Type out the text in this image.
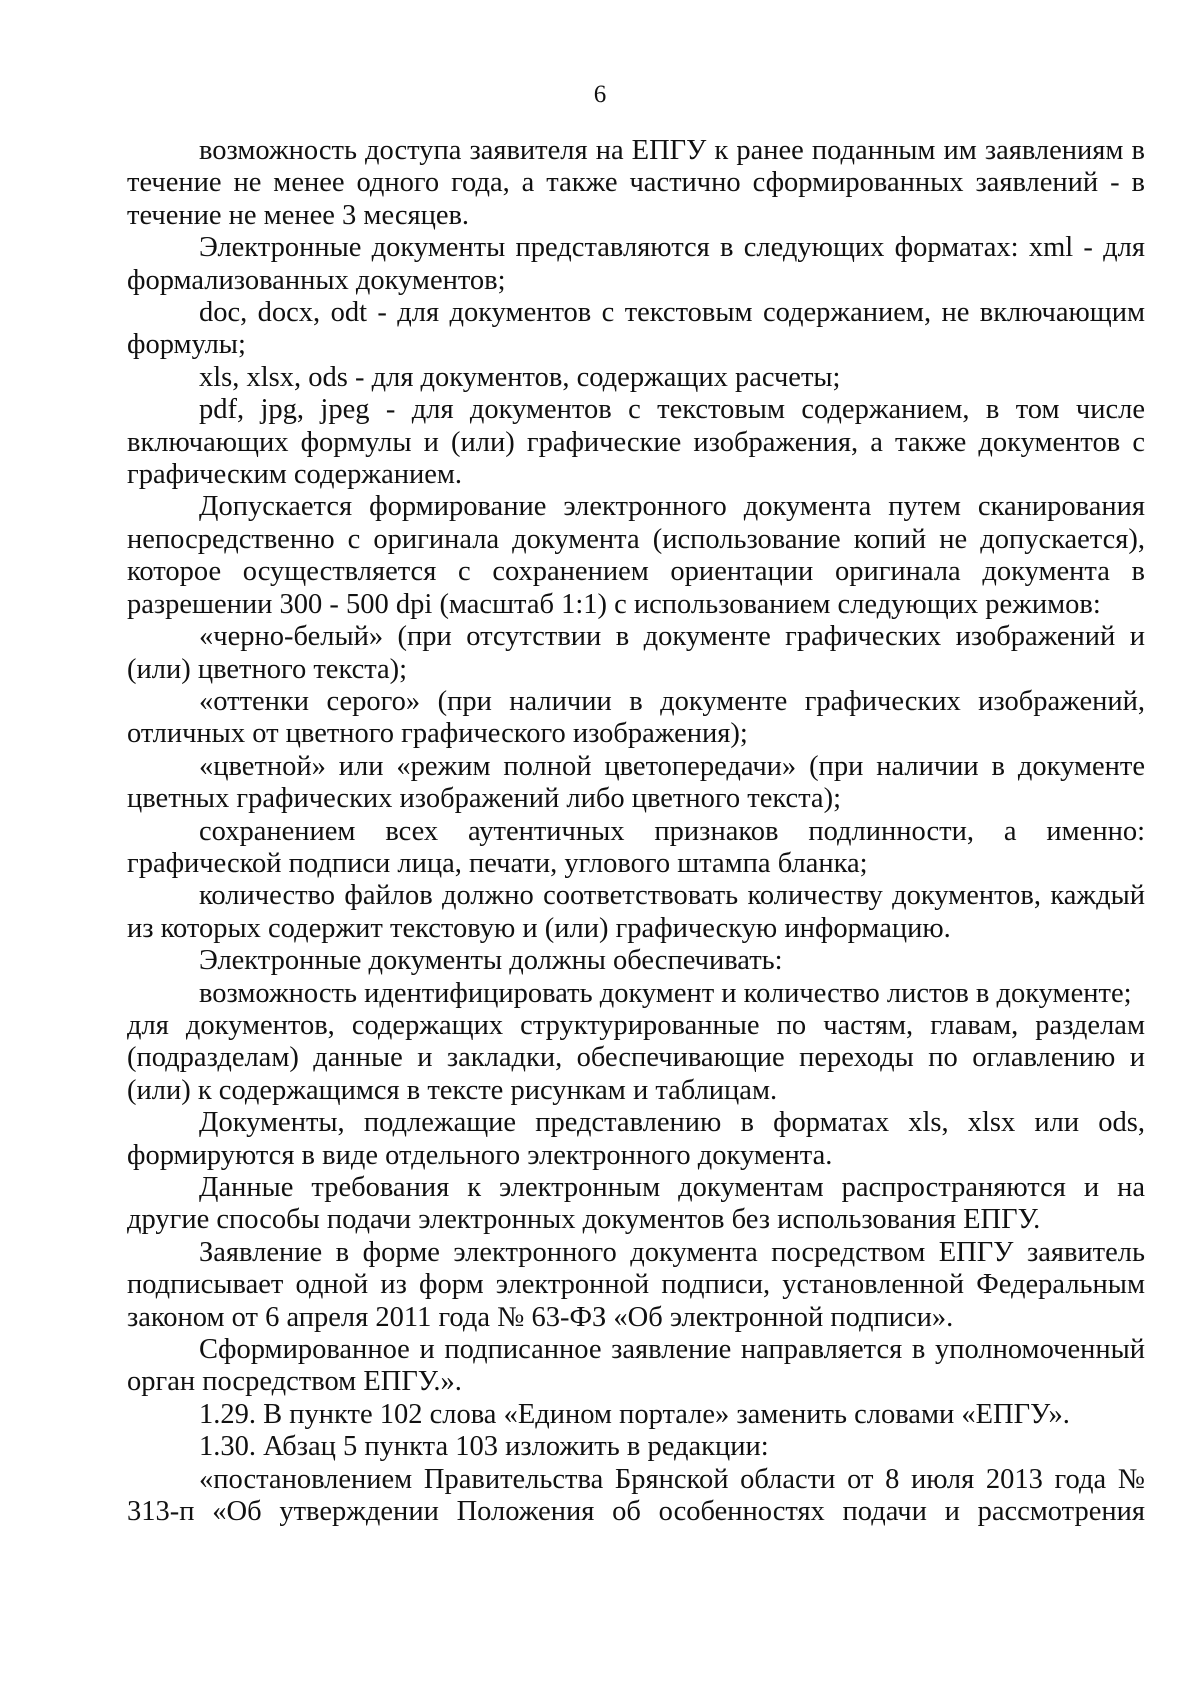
6

возможность доступа заявителя на ЕПГУ к ранее поданным им заявлениям в течение не менее одного года, а также частично сформированных заявлений - в течение не менее 3 месяцев.

Электронные документы представляются в следующих форматах: xml - для формализованных документов;

doc, docx, odt - для документов с текстовым содержанием, не включающим формулы;

xls, xlsx, ods - для документов, содержащих расчеты;

pdf, jpg, jpeg - для документов с текстовым содержанием, в том числе включающих формулы и (или) графические изображения, а также документов с графическим содержанием.

Допускается формирование электронного документа путем сканирования непосредственно с оригинала документа (использование копий не допускается), которое осуществляется с сохранением ориентации оригинала документа в разрешении 300 - 500 dpi (масштаб 1:1) с использованием следующих режимов:

«черно-белый» (при отсутствии в документе графических изображений и (или) цветного текста);

«оттенки серого» (при наличии в документе графических изображений, отличных от цветного графического изображения);

«цветной» или «режим полной цветопередачи» (при наличии в документе цветных графических изображений либо цветного текста);

сохранением всех аутентичных признаков подлинности, а именно: графической подписи лица, печати, углового штампа бланка;

количество файлов должно соответствовать количеству документов, каждый из которых содержит текстовую и (или) графическую информацию.

Электронные документы должны обеспечивать:

возможность идентифицировать документ и количество листов в документе;

для документов, содержащих структурированные по частям, главам, разделам (подразделам) данные и закладки, обеспечивающие переходы по оглавлению и (или) к содержащимся в тексте рисункам и таблицам.

Документы, подлежащие представлению в форматах xls, xlsx или ods, формируются в виде отдельного электронного документа.

Данные требования к электронным документам распространяются и на другие способы подачи электронных документов без использования ЕПГУ.

Заявление в форме электронного документа посредством ЕПГУ заявитель подписывает одной из форм электронной подписи, установленной Федеральным законом от 6 апреля 2011 года № 63-ФЗ «Об электронной подписи».

Сформированное и подписанное заявление направляется в уполномоченный орган посредством ЕПГУ.».

1.29. В пункте 102 слова «Едином портале» заменить словами «ЕПГУ».

1.30. Абзац 5 пункта 103 изложить в редакции:

«постановлением Правительства Брянской области от 8 июля 2013 года № 313-п «Об утверждении Положения об особенностях подачи и рассмотрения
